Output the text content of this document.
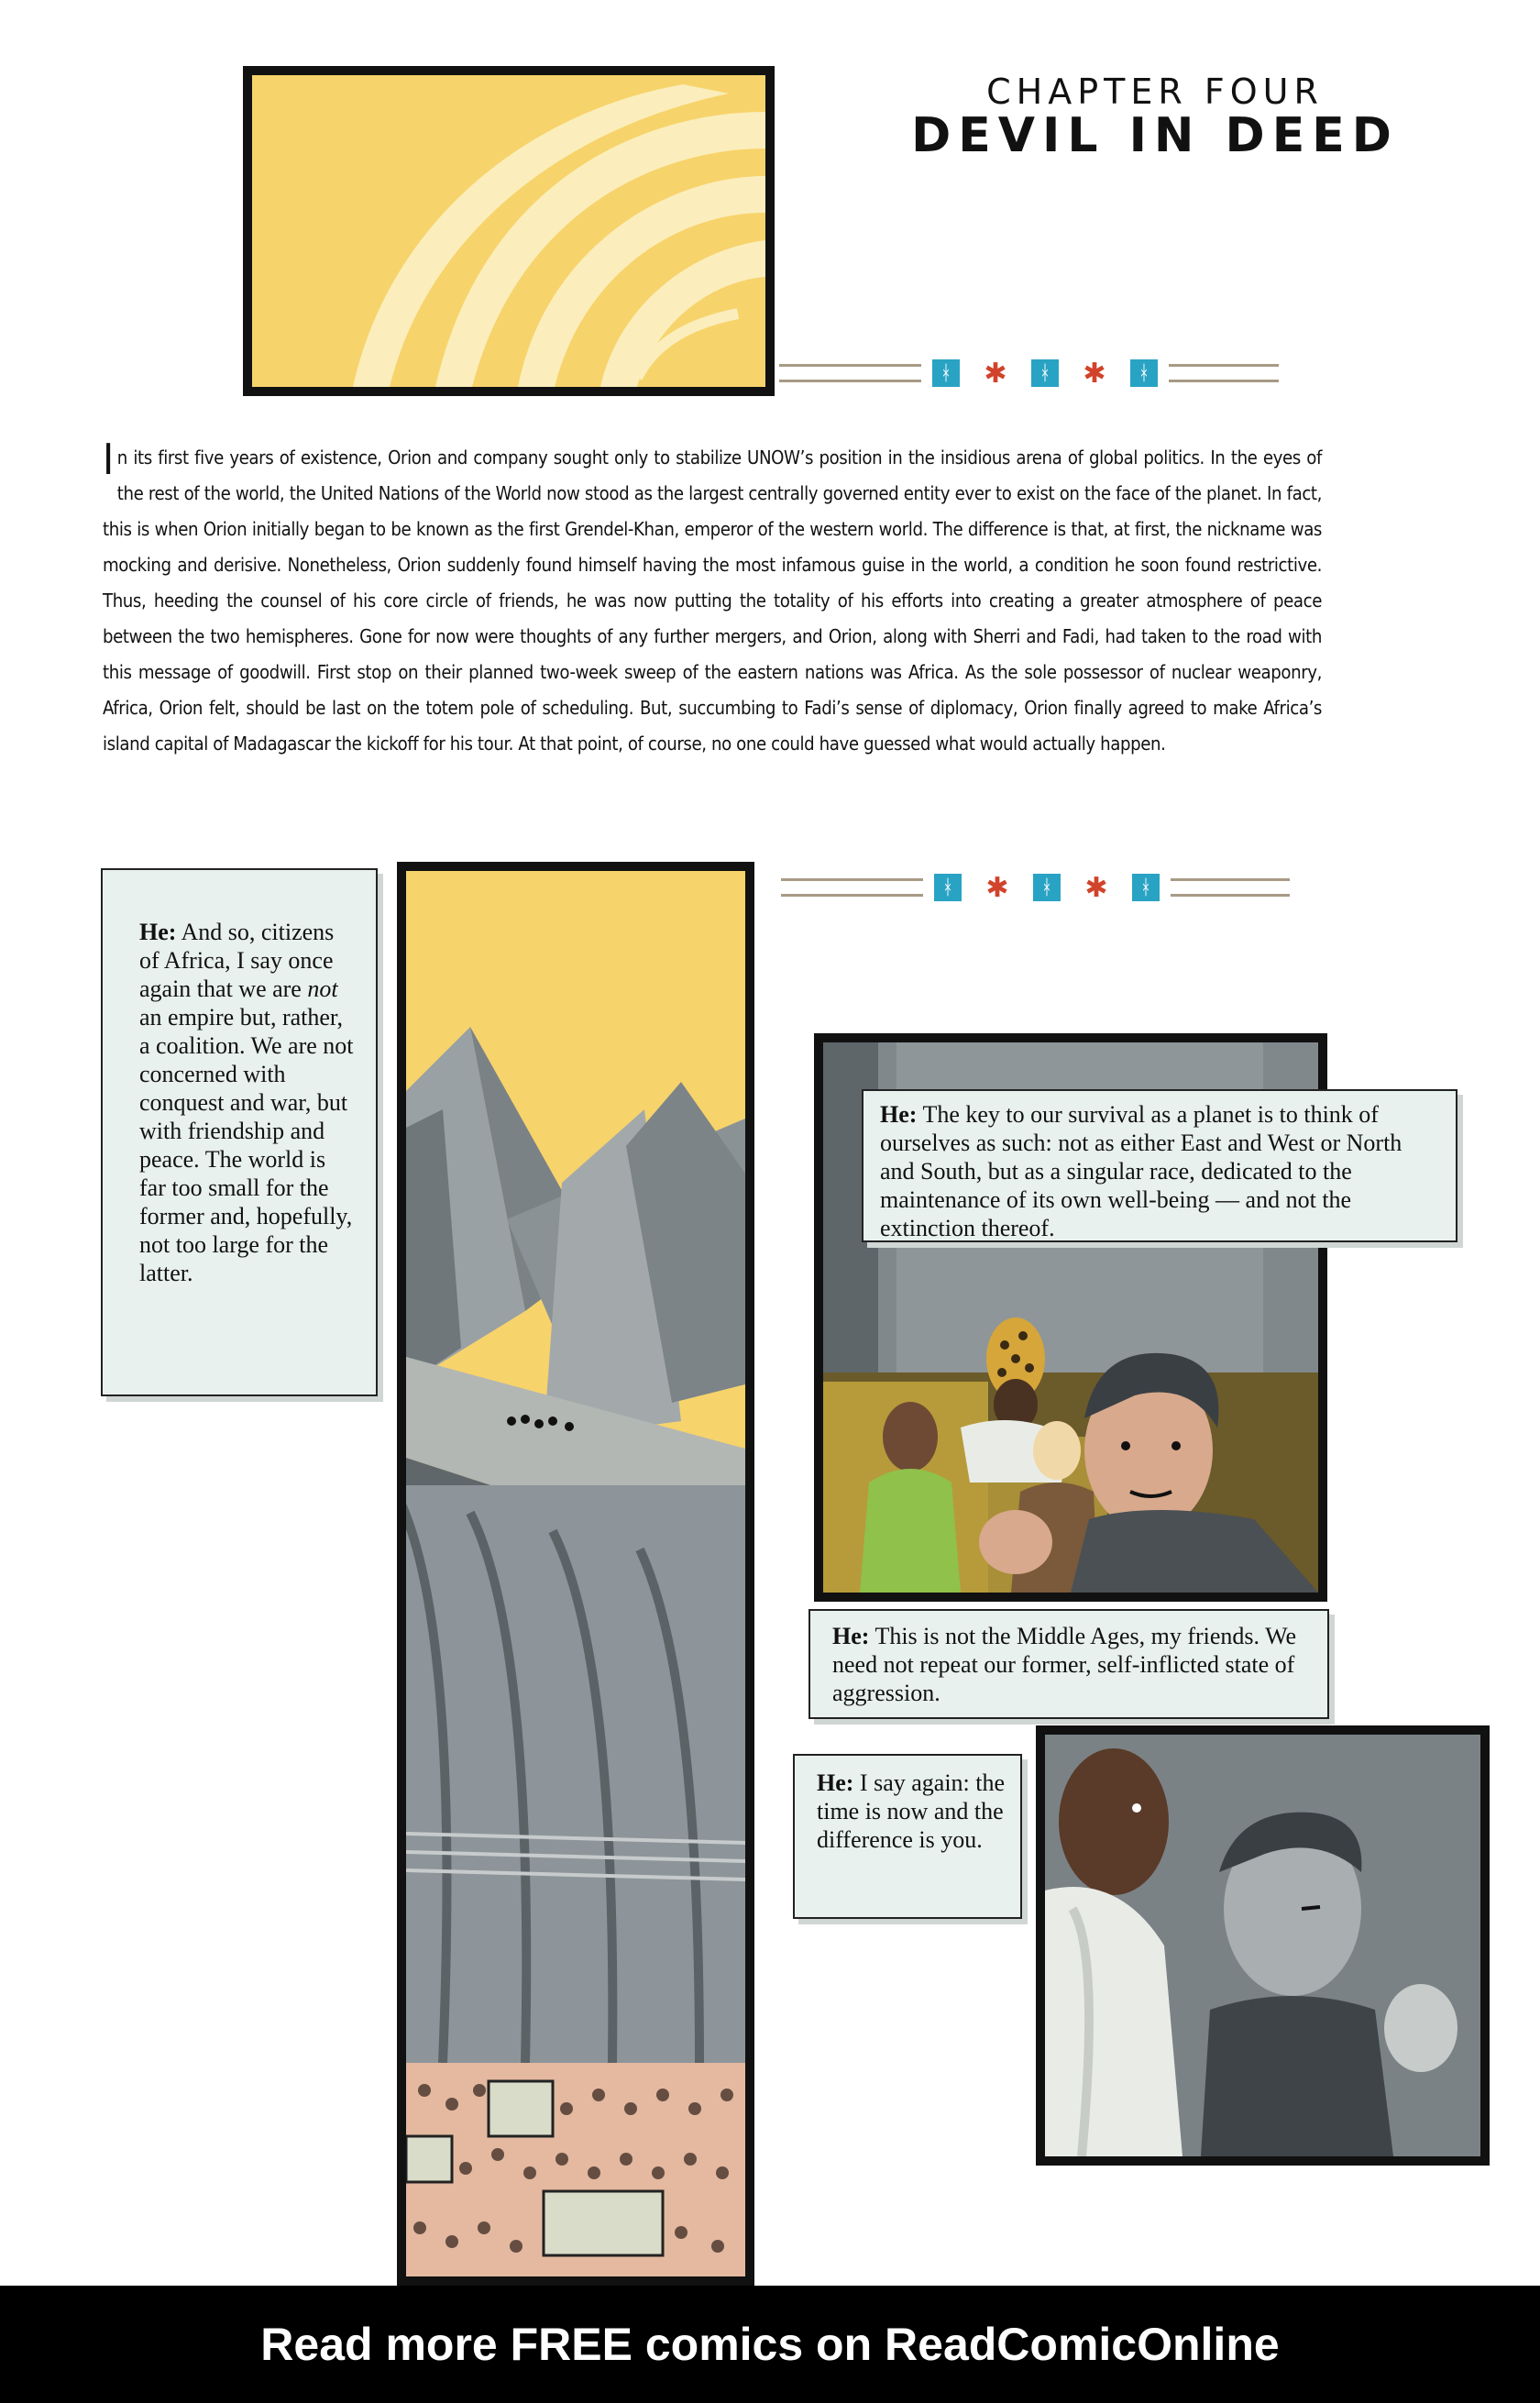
CHAPTER FOUR
DEVIL IN DEED
ᚼ ✱	ᚼ ✱	ᚼ
In its first five years of existence, Orion and company sought only to stabilize UNOW’s position in the insidious arena of global politics. In the eyes of the rest of the world, the United Nations of the World now stood as the largest centrally governed entity ever to exist on the face of the planet. In fact, this is when Orion initially began to be known as the first Grendel-Khan, emperor of the western world. The difference is that, at first, the nickname was mocking and derisive. Nonetheless, Orion suddenly found himself having the most infamous guise in the world, a condition he soon found restrictive. Thus, heeding the counsel of his core circle of friends, he was now putting the totality of his efforts into creating a greater atmosphere of peace between the two hemispheres. Gone for now were thoughts of any further mergers, and Orion, along with Sherri and Fadi, had taken to the road with this message of goodwill. First stop on their planned two-week sweep of the eastern nations was Africa. As the sole possessor of nuclear weaponry, Africa, Orion felt, should be last on the totem pole of scheduling. But, succumbing to Fadi’s sense of diplomacy, Orion finally agreed to make Africa’s island capital of Madagascar the kickoff for his tour. At that point, of course, no one could have guessed what would actually happen.
ᚼ ✱	ᚼ ✱	ᚼ
He: And so, citizens of Africa, I say once again that we are not an empire but, rather, a coalition. We are not concerned with conquest and war, but with friendship and peace. The world is far too small for the former and, hopefully, not too large for the latter.
He: The key to our survival as a planet is to think of ourselves as such: not as either East and West or North and South, but as a singular race, dedicated to the maintenance of its own well-being — and not the extinction thereof.
He: This is not the Middle Ages, my friends. We need not repeat our former, self-inflicted state of aggression.
He: I say again: the time is now and the difference is you.
Read more FREE comics on ReadComicOnline
